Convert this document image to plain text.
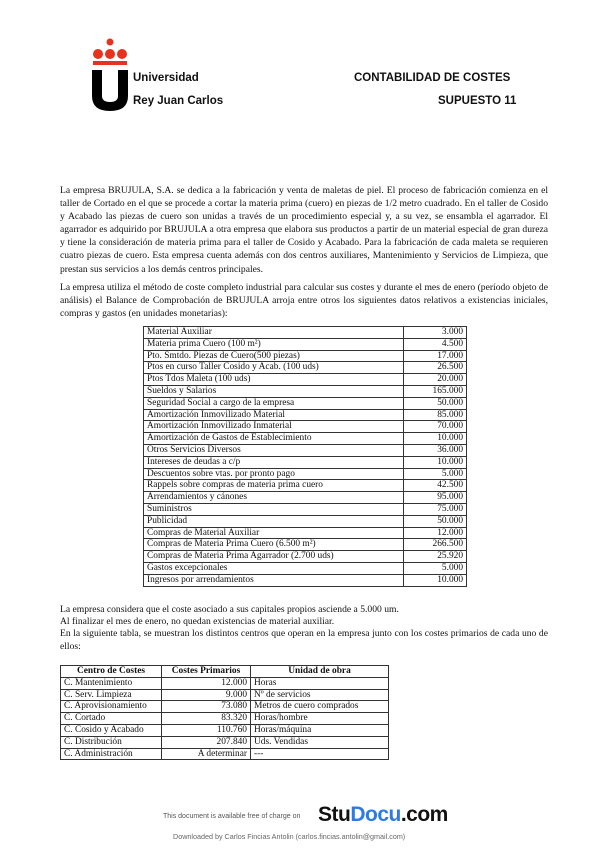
Universidad
Rey Juan Carlos
CONTABILIDAD DE COSTES
SUPUESTO 11

La empresa BRUJULA, S.A. se dedica a la fabricación y venta de maletas de piel. El proceso de fabricación comienza en el taller de Cortado en el que se procede a cortar la materia prima (cuero) en piezas de 1/2 metro cuadrado. En el taller de Cosido y Acabado las piezas de cuero son unidas a través de un procedimiento especial y, a su vez, se ensambla el agarrador. El agarrador es adquirido por BRUJULA a otra empresa que elabora sus productos a partir de un material especial de gran dureza y tiene la consideración de materia prima para el taller de Cosido y Acabado. Para la fabricación de cada maleta se requieren cuatro piezas de cuero. Esta empresa cuenta además con dos centros auxiliares, Mantenimiento y Servicios de Limpieza, que prestan sus servicios a los demás centros principales.

La empresa utiliza el método de coste completo industrial para calcular sus costes y durante el mes de enero (período objeto de análisis) el Balance de Comprobación de BRUJULA arroja entre otros los siguientes datos relativos a existencias iniciales, compras y gastos (en unidades monetarias):

Material Auxiliar	3.000
Materia prima Cuero (100 m²)	4.500
Pto. Smtdo. Piezas de Cuero(500 piezas)	17.000
Ptos en curso Taller Cosido y Acab. (100 uds)	26.500
Ptos Tdos Maleta (100 uds)	20.000
Sueldos y Salarios	165.000
Seguridad Social a cargo de la empresa	50.000
Amortización Inmovilizado Material	85.000
Amortización Inmovilizado Inmaterial	70.000
Amortización de Gastos de Establecimiento	10.000
Otros Servicios Diversos	36.000
Intereses de deudas a c/p	10.000
Descuentos sobre vtas. por pronto pago	5.000
Rappels sobre compras de materia prima cuero	42.500
Arrendamientos y cánones	95.000
Suministros	75.000
Publicidad	50.000
Compras de Material Auxiliar	12.000
Compras de Materia Prima Cuero (6.500 m²)	266.500
Compras de Materia Prima Agarrador (2.700 uds)	25.920
Gastos excepcionales	5.000
Ingresos por arrendamientos	10.000

La empresa considera que el coste asociado a sus capitales propios asciende a 5.000 um.

Al finalizar el mes de enero, no quedan existencias de material auxiliar.

En la siguiente tabla, se muestran los distintos centros que operan en la empresa junto con los costes primarios de cada uno de ellos:

Centro de Costes	Costes Primarios	Unidad de obra
C. Mantenimiento	12.000	Horas
C. Serv. Limpieza	9.000	Nº de servicios
C. Aprovisionamiento	73.080	Metros de cuero comprados
C. Cortado	83.320	Horas/hombre
C. Cosido y Acabado	110.760	Horas/máquina
C. Distribución	207.840	Uds. Vendidas
C. Administración	A determinar	---
This document is available free of charge on StuDocu.com
Downloaded by Carlos Fincias Antolin (carlos.fincias.antolin@gmail.com)
